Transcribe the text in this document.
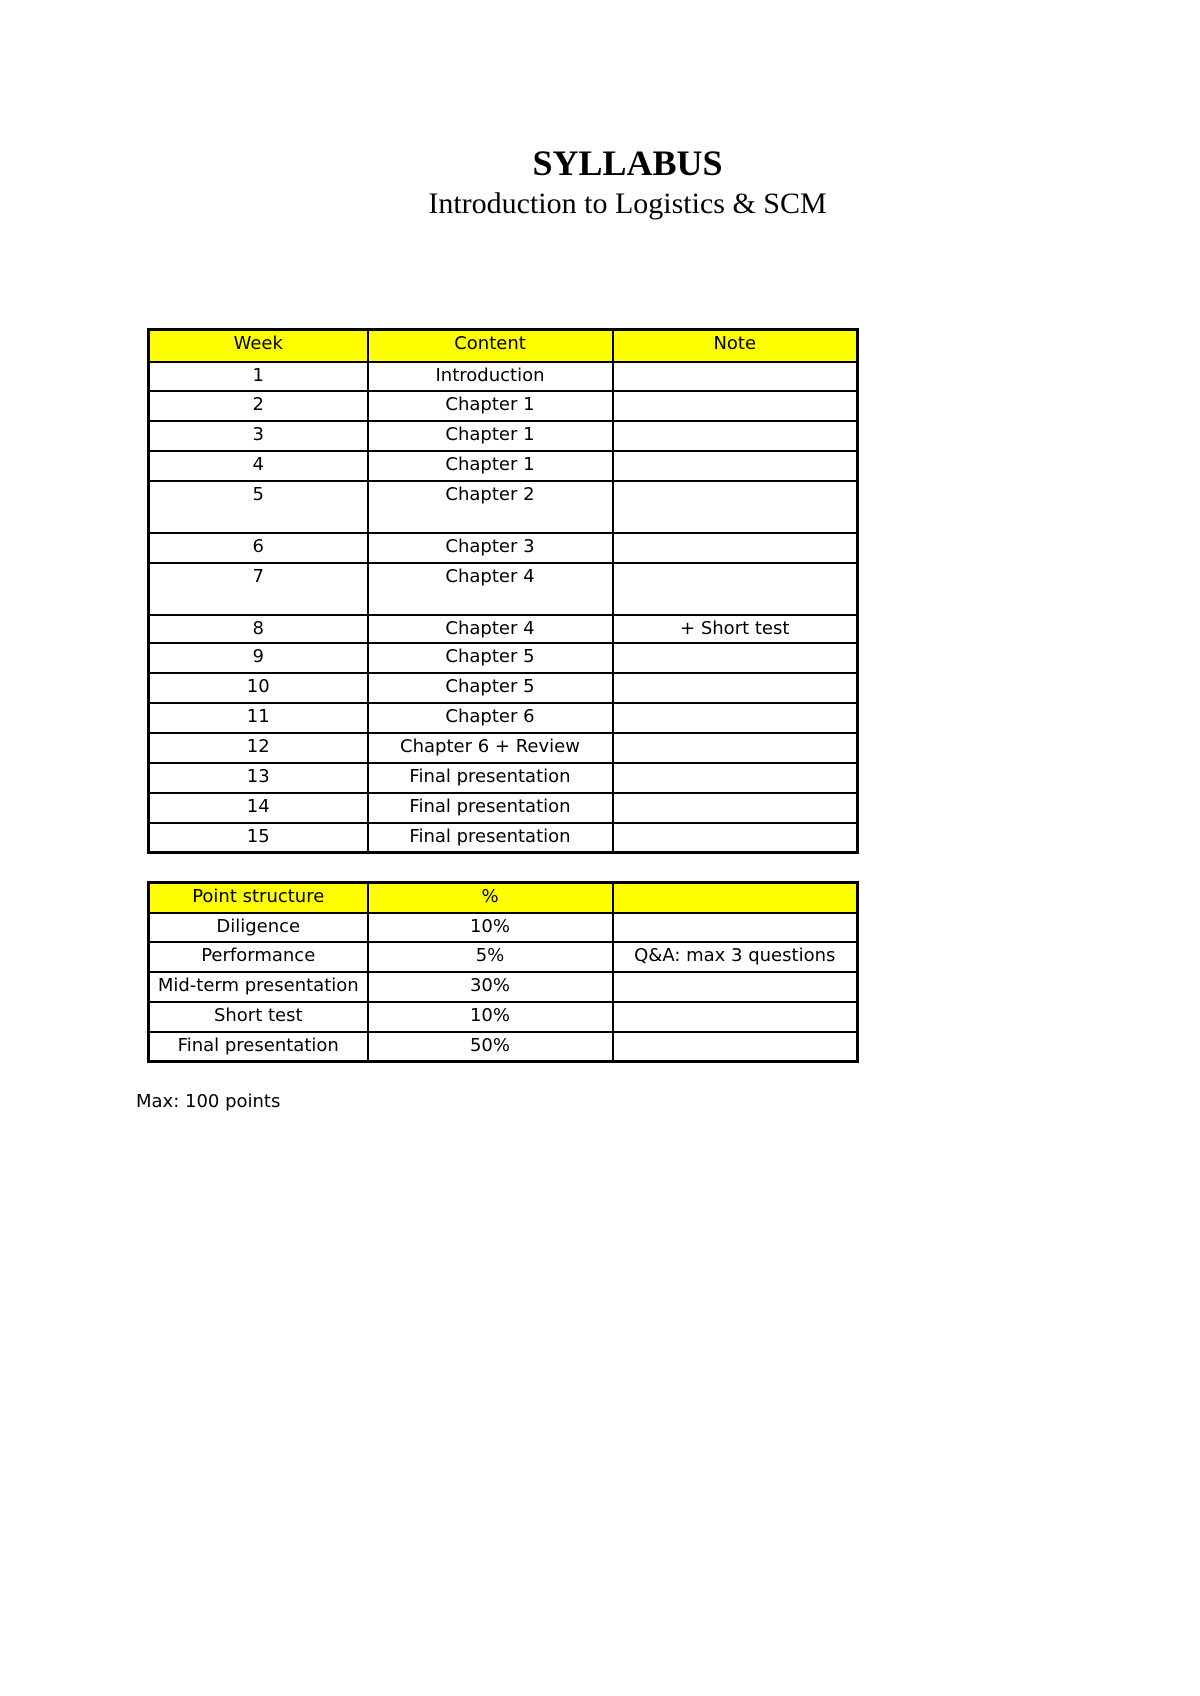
SYLLABUS
Introduction to Logistics & SCM
Week	Content	Note
1	Introduction	
2	Chapter 1	
3	Chapter 1	
4	Chapter 1	
5	Chapter 2	
6	Chapter 3	
7	Chapter 4	
8	Chapter 4	+ Short test
9	Chapter 5	
10	Chapter 5	
11	Chapter 6	
12	Chapter 6 + Review	
13	Final presentation	
14	Final presentation	
15	Final presentation	
Point structure	%	
Diligence	10%	
Performance	5%	Q&A: max 3 questions
Mid-term presentation	30%	
Short test	10%	
Final presentation	50%	
Max: 100 points
